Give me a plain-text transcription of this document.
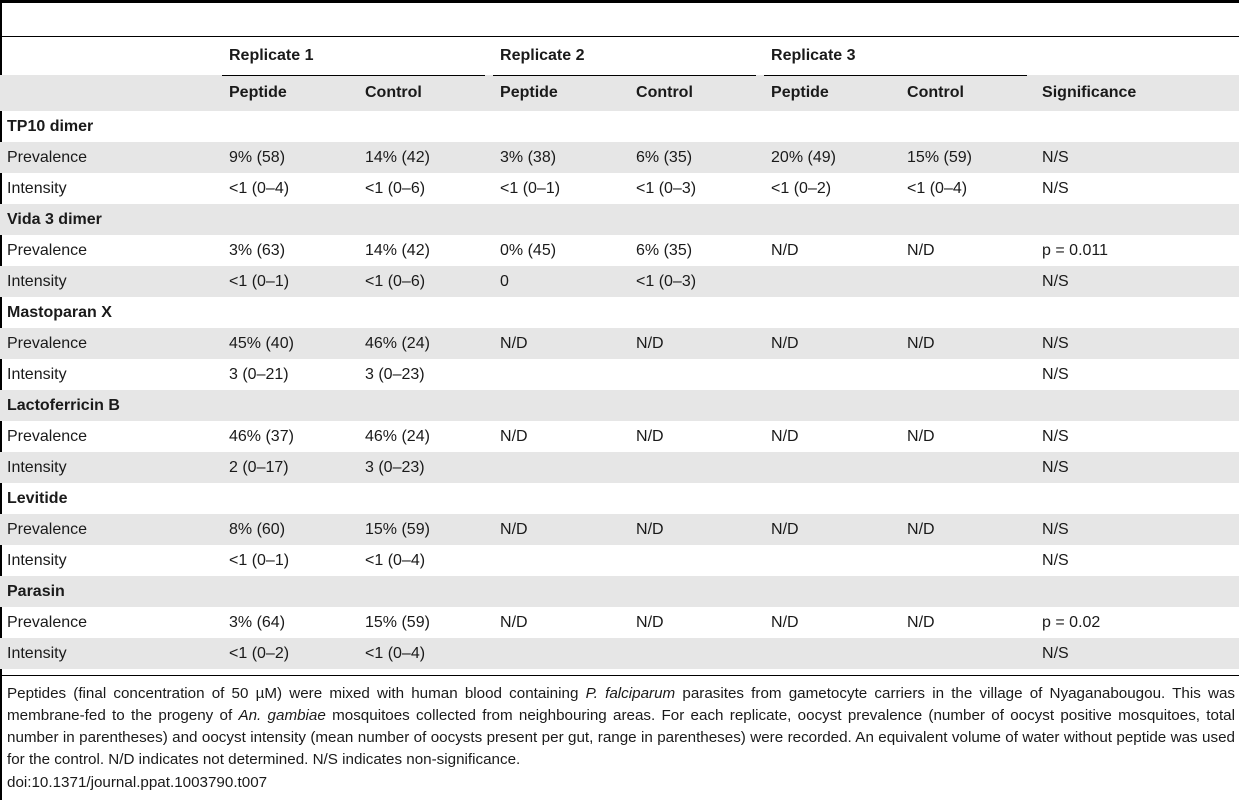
	Replicate 1		Replicate 2		Replicate 3		
	Peptide	Control	Peptide	Control	Peptide	Control	Significance
TP10 dimer							
Prevalence	9% (58)	14% (42)	3% (38)	6% (35)	20% (49)	15% (59)	N/S
Intensity	<1 (0–4)	<1 (0–6)	<1 (0–1)	<1 (0–3)	<1 (0–2)	<1 (0–4)	N/S
Vida 3 dimer							
Prevalence	3% (63)	14% (42)	0% (45)	6% (35)	N/D	N/D	p = 0.011
Intensity	<1 (0–1)	<1 (0–6)	0	<1 (0–3)			N/S
Mastoparan X							
Prevalence	45% (40)	46% (24)	N/D	N/D	N/D	N/D	N/S
Intensity	3 (0–21)	3 (0–23)					N/S
Lactoferricin B							
Prevalence	46% (37)	46% (24)	N/D	N/D	N/D	N/D	N/S
Intensity	2 (0–17)	3 (0–23)					N/S
Levitide							
Prevalence	8% (60)	15% (59)	N/D	N/D	N/D	N/D	N/S
Intensity	<1 (0–1)	<1 (0–4)					N/S
Parasin							
Prevalence	3% (64)	15% (59)	N/D	N/D	N/D	N/D	p = 0.02
Intensity	<1 (0–2)	<1 (0–4)					N/S
Peptides (final concentration of 50 µM) were mixed with human blood containing P. falciparum parasites from gametocyte carriers in the village of Nyaganabougou. This was membrane-fed to the progeny of An. gambiae mosquitoes collected from neighbouring areas. For each replicate, oocyst prevalence (number of oocyst positive mosquitoes, total number in parentheses) and oocyst intensity (mean number of oocysts present per gut, range in parentheses) were recorded. An equivalent volume of water without peptide was used for the control. N/D indicates not determined. N/S indicates non-significance.
doi:10.1371/journal.ppat.1003790.t007
